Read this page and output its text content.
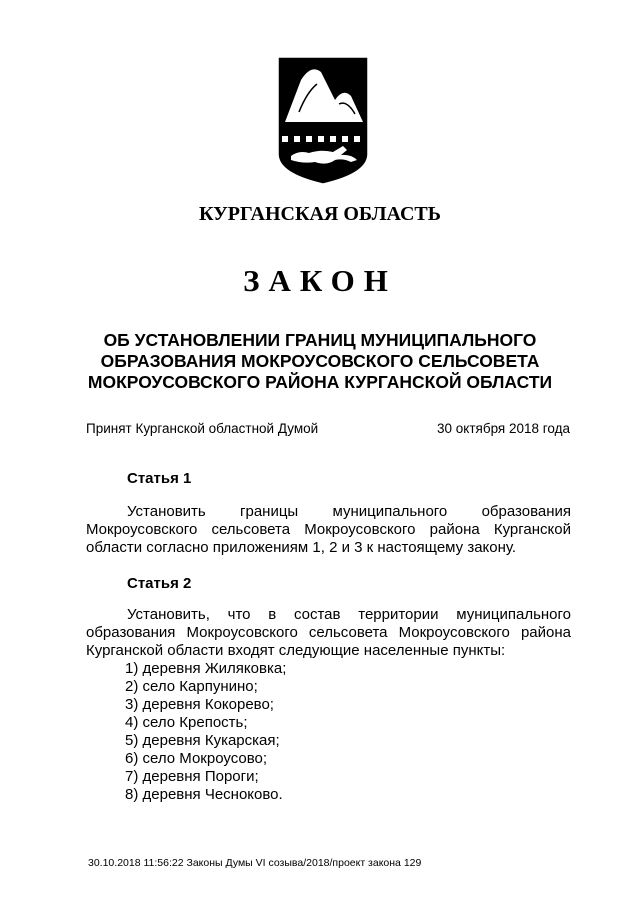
КУРГАНСКАЯ ОБЛАСТЬ
ЗАКОН
ОБ УСТАНОВЛЕНИИ ГРАНИЦ МУНИЦИПАЛЬНОГО
ОБРАЗОВАНИЯ МОКРОУСОВСКОГО СЕЛЬСОВЕТА
МОКРОУСОВСКОГО РАЙОНА КУРГАНСКОЙ ОБЛАСТИ
Принят Курганской областной Думой	30 октября 2018 года
Статья 1
Установить границы муниципального образования
Мокроусовского сельсовета Мокроусовского района Курганской
области согласно приложениям 1, 2 и 3 к настоящему закону.
Статья 2
Установить, что в состав территории муниципального
образования Мокроусовского сельсовета Мокроусовского района
Курганской области входят следующие населенные пункты:
1) деревня Жиляковка;
2) село Карпунино;
3) деревня Кокорево;
4) село Крепость;
5) деревня Кукарская;
6) село Мокроусово;
7) деревня Пороги;
8) деревня Чесноково.
30.10.2018 11:56:22 Законы Думы VI созыва/2018/проект закона 129
